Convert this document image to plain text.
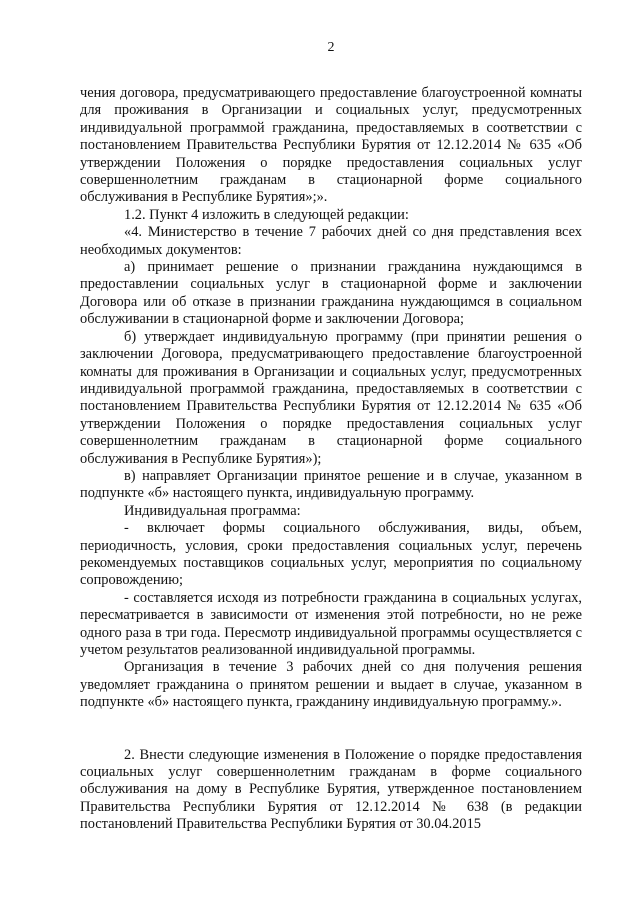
2

чения договора, предусматривающего предоставление благоустроенной комнаты для проживания в Организации и социальных услуг, предусмотренных индивидуальной программой гражданина, предоставляемых в соответствии с постановлением Правительства Республики Бурятия от 12.12.2014 № 635 «Об утверждении Положения о порядке предоставления социальных услуг совершеннолетним гражданам в стационарной форме социального обслуживания в Республике Бурятия»;».

1.2. Пункт 4 изложить в следующей редакции:

«4. Министерство в течение 7 рабочих дней со дня представления всех необходимых документов:

а) принимает решение о признании гражданина нуждающимся в предоставлении социальных услуг в стационарной форме и заключении Договора или об отказе в признании гражданина нуждающимся в социальном обслуживании в стационарной форме и заключении Договора;

б) утверждает индивидуальную программу (при принятии решения о заключении Договора, предусматривающего предоставление благоустроенной комнаты для проживания в Организации и социальных услуг, предусмотренных индивидуальной программой гражданина, предоставляемых в соответствии с постановлением Правительства Республики Бурятия от 12.12.2014 № 635 «Об утверждении Положения о порядке предоставления социальных услуг совершеннолетним гражданам в стационарной форме социального обслуживания в Республике Бурятия»);

в) направляет Организации принятое решение и в случае, указанном в подпункте «б» настоящего пункта, индивидуальную программу.

Индивидуальная программа:

- включает формы социального обслуживания, виды, объем, периодичность, условия, сроки предоставления социальных услуг, перечень рекомендуемых поставщиков социальных услуг, мероприятия по социальному сопровождению;

- составляется исходя из потребности гражданина в социальных услугах, пересматривается в зависимости от изменения этой потребности, но не реже одного раза в три года. Пересмотр индивидуальной программы осуществляется с учетом результатов реализованной индивидуальной программы.

Организация в течение 3 рабочих дней со дня получения решения уведомляет гражданина о принятом решении и выдает в случае, указанном в подпункте «б» настоящего пункта, гражданину индивидуальную программу.».

2. Внести следующие изменения в Положение о порядке предоставления социальных услуг совершеннолетним гражданам в форме социального обслуживания на дому в Республике Бурятия, утвержденное постановлением Правительства Республики Бурятия от 12.12.2014 № 638 (в редакции постановлений Правительства Республики Бурятия от 30.04.2015
